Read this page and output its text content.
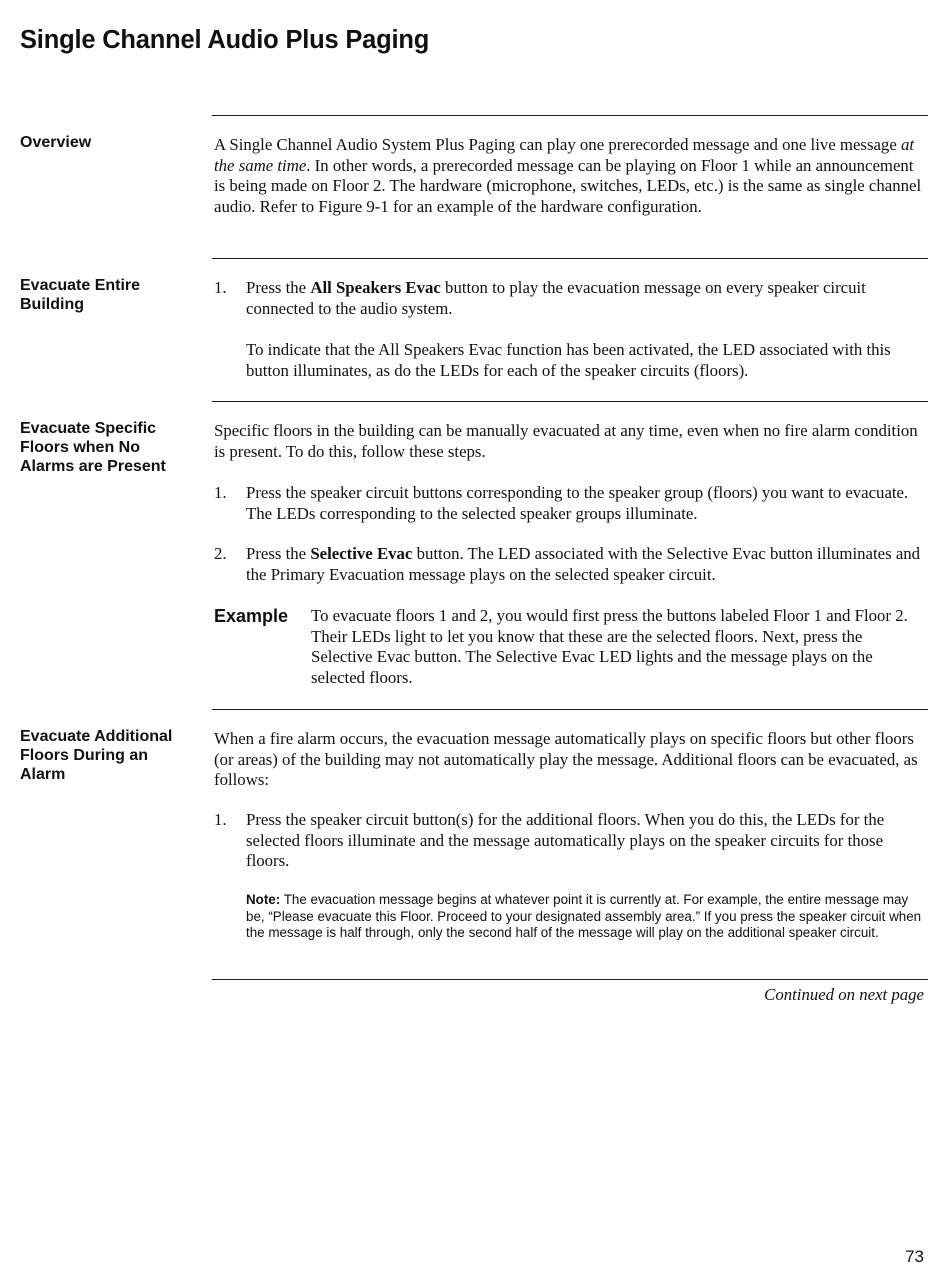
Single Channel Audio Plus Paging
Overview	A Single Channel Audio System Plus Paging can play one prerecorded message and one live message at the same time. In other words, a prerecorded message can be playing on Floor 1 while an announcement is being made on Floor 2. The hardware (microphone, switches, LEDs, etc.) is the same as single channel audio. Refer to Figure 9-1 for an example of the hardware configuration.

Evacuate Entire Building
1.	Press the All Speakers Evac button to play the evacuation message on every speaker circuit connected to the audio system.

To indicate that the All Speakers Evac function has been activated, the LED associated with this button illuminates, as do the LEDs for each of the speaker circuits (floors).

Evacuate Specific Floors when No Alarms are Present

Specific floors in the building can be manually evacuated at any time, even when no fire alarm condition is present. To do this, follow these steps.

1.	Press the speaker circuit buttons corresponding to the speaker group (floors) you want to evacuate. The LEDs corresponding to the selected speaker groups illuminate.
2.	Press the Selective Evac button. The LED associated with the Selective Evac button illuminates and the Primary Evacuation message plays on the selected speaker circuit.

Example To evacuate floors 1 and 2, you would first press the buttons labeled Floor 1 and Floor 2. Their LEDs light to let you know that these are the selected floors. Next, press the Selective Evac button. The Selective Evac LED lights and the message plays on the selected floors.

Evacuate Additional Floors During an Alarm

When a fire alarm occurs, the evacuation message automatically plays on specific floors but other floors (or areas) of the building may not automatically play the message. Additional floors can be evacuated, as follows:

1.	Press the speaker circuit button(s) for the additional floors. When you do this, the LEDs for the selected floors illuminate and the message automatically plays on the speaker circuits for those floors.

Note: The evacuation message begins at whatever point it is currently at. For example, the entire message may be, “Please evacuate this Floor. Proceed to your designated assembly area.” If you press the speaker circuit when the message is half through, only the second half of the message will play on the additional speaker circuit.

Continued on next page

73
